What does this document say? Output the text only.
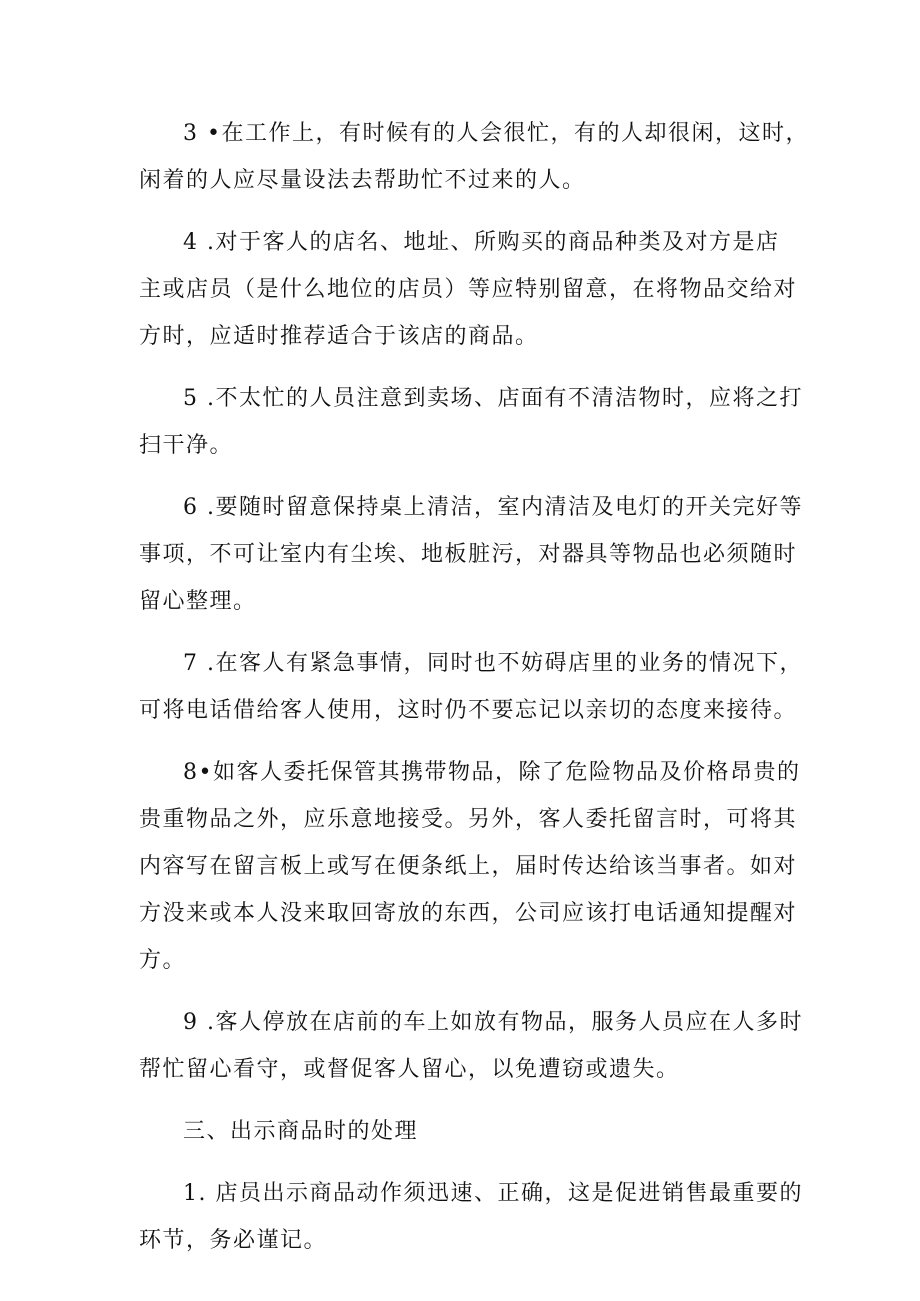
3 •在工作上，有时候有的人会很忙，有的人却很闲，这时，
闲着的人应尽量设法去帮助忙不过来的人。

4 .对于客人的店名、地址、所购买的商品种类及对方是店
主或店员（是什么地位的店员）等应特别留意，在将物品交给对
方时，应适时推荐适合于该店的商品。

5 .不太忙的人员注意到卖场、店面有不清洁物时，应将之打
扫干净。

6 .要随时留意保持桌上清洁，室内清洁及电灯的开关完好等
事项，不可让室内有尘埃、地板脏污，对器具等物品也必须随时
留心整理。

7 .在客人有紧急事情，同时也不妨碍店里的业务的情况下，
可将电话借给客人使用，这时仍不要忘记以亲切的态度来接待。

8•如客人委托保管其携带物品，除了危险物品及价格昂贵的
贵重物品之外，应乐意地接受。另外，客人委托留言时，可将其
内容写在留言板上或写在便条纸上，届时传达给该当事者。如对
方没来或本人没来取回寄放的东西，公司应该打电话通知提醒对
方。

9 .客人停放在店前的车上如放有物品，服务人员应在人多时
帮忙留心看守，或督促客人留心，以免遭窃或遗失。

三、出示商品时的处理

1. 店员出示商品动作须迅速、正确，这是促进销售最重要的
环节，务必谨记。
